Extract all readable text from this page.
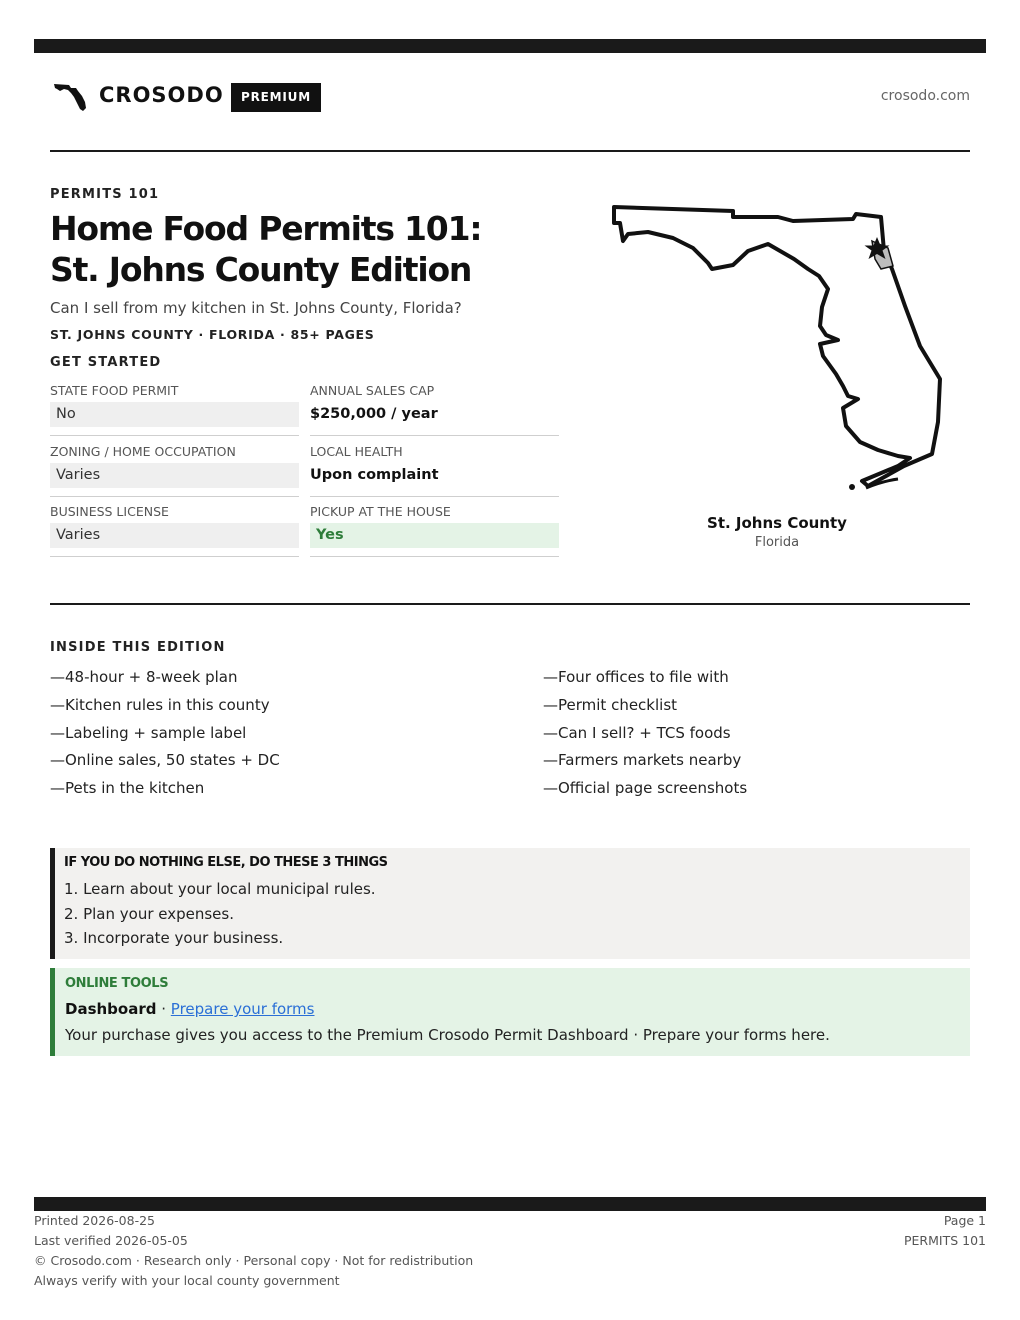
CROSODO	PREMIUM	crosodo.com
PERMITS 101
Home Food Permits 101: St. Johns County Edition
Can I sell from my kitchen in St. Johns County, Florida?
ST. JOHNS COUNTY · FLORIDA · 85+ PAGES
GET STARTED
STATE FOOD PERMIT
No
ANNUAL SALES CAP
$250,000 / year
ZONING / HOME OCCUPATION
Varies
LOCAL HEALTH
Upon complaint
BUSINESS LICENSE
Varies
PICKUP AT THE HOUSE
Yes
St. Johns County
Florida
INSIDE THIS EDITION
—48-hour + 8-week plan
—Kitchen rules in this county
—Labeling + sample label
—Online sales, 50 states + DC
—Pets in the kitchen
—Four offices to file with
—Permit checklist
—Can I sell? + TCS foods
—Farmers markets nearby
—Official page screenshots
IF YOU DO NOTHING ELSE, DO THESE 3 THINGS
1. Learn about your local municipal rules.
2. Plan your expenses.
3. Incorporate your business.
ONLINE TOOLS
Dashboard · Prepare your forms
Your purchase gives you access to the Premium Crosodo Permit Dashboard · Prepare your forms here.
Printed 2026-08-25
Last verified 2026-05-05
© Crosodo.com · Research only · Personal copy · Not for redistribution
Always verify with your local county government
Page 1
PERMITS 101
